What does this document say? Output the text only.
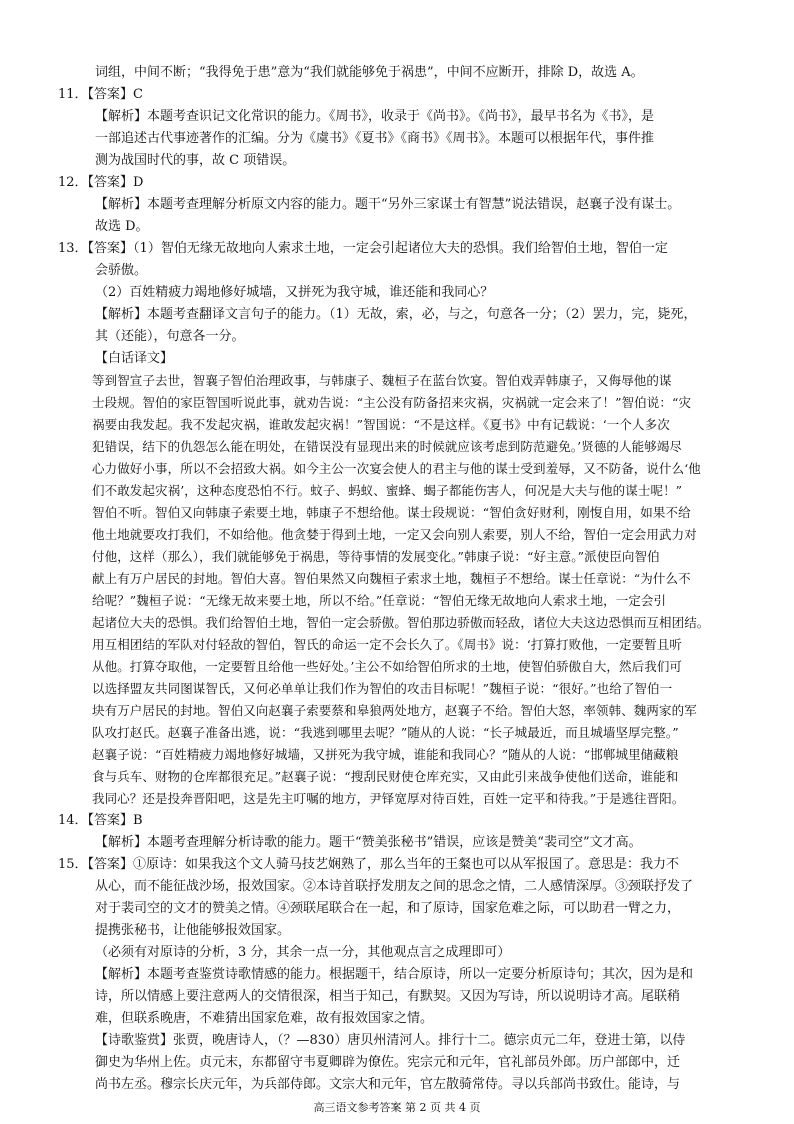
词组，中间不断；“我得免于患”意为“我们就能够免于祸患”，中间不应断开，排除 D，故选 A。
11．【答案】C
【解析】本题考查识记文化常识的能力。《周书》，收录于《尚书》。《尚书》，最早书名为《书》，是
一部追述古代事迹著作的汇编。分为《虞书》《夏书》《商书》《周书》。本题可以根据年代，事件推
测为战国时代的事，故 C 项错误。
12．【答案】D
【解析】本题考查理解分析原文内容的能力。题干“另外三家谋士有智慧”说法错误，赵襄子没有谋士。
故选 D。
13．【答案】（1）智伯无缘无故地向人索求土地，一定会引起诸位大夫的恐惧。我们给智伯土地，智伯一定
会骄傲。
（2）百姓精疲力竭地修好城墙，又拼死为我守城，谁还能和我同心？
【解析】本题考查翻译文言句子的能力。（1）无故，索，必，与之，句意各一分；（2）罢力，完，毙死，
其（还能），句意各一分。
【白话译文】
等到智宣子去世，智襄子智伯治理政事，与韩康子、魏桓子在蓝台饮宴。智伯戏弄韩康子，又侮辱他的谋
士段规。智伯的家臣智国听说此事，就劝告说：“主公没有防备招来灾祸，灾祸就一定会来了！”智伯说：“灾
祸要由我发起。我不发起灾祸，谁敢发起灾祸！”智国说：“不是这样。《夏书》中有记载说：‘一个人多次
犯错误，结下的仇怨怎么能在明处，在错误没有显现出来的时候就应该考虑到防范避免。’贤德的人能够竭尽
心力做好小事，所以不会招致大祸。如今主公一次宴会使人的君主与他的谋士受到羞辱，又不防备，说什么‘他
们不敢发起灾祸’，这种态度恐怕不行。蚊子、蚂蚁、蜜蜂、蝎子都能伤害人，何况是大夫与他的谋士呢！”
智伯不听。智伯又向韩康子索要土地，韩康子不想给他。谋士段规说：“智伯贪好财利，刚愎自用，如果不给
他土地就要攻打我们，不如给他。他贪婪于得到土地，一定又会向别人索要，别人不给，智伯一定会用武力对
付他，这样（那么），我们就能够免于祸患，等待事情的发展变化。”韩康子说：“好主意。”派使臣向智伯
献上有万户居民的封地。智伯大喜。智伯果然又向魏桓子索求土地，魏桓子不想给。谋士任章说：“为什么不
给呢？”魏桓子说：“无缘无故来要土地，所以不给。”任章说：“智伯无缘无故地向人索求土地，一定会引
起诸位大夫的恐惧。我们给智伯土地，智伯一定会骄傲。智伯那边骄傲而轻敌，诸位大夫这边恐惧而互相团结。
用互相团结的军队对付轻敌的智伯，智氏的命运一定不会长久了。《周书》说：‘打算打败他，一定要暂且听
从他。打算夺取他，一定要暂且给他一些好处。’主公不如给智伯所求的土地，使智伯骄傲自大，然后我们可
以选择盟友共同图谋智氏，又何必单单让我们作为智伯的攻击目标呢！”魏桓子说：“很好。”也给了智伯一
块有万户居民的封地。智伯又向赵襄子索要蔡和皋狼两处地方，赵襄子不给。智伯大怒，率领韩、魏两家的军
队攻打赵氏。赵襄子准备出逃，说：“我逃到哪里去呢？”随从的人说：“长子城最近，而且城墙坚厚完整。”
赵襄子说：“百姓精疲力竭地修好城墙，又拼死为我守城，谁能和我同心？”随从的人说：“邯郸城里储藏粮
食与兵车、财物的仓库都很充足。”赵襄子说：“搜刮民财使仓库充实，又由此引来战争使他们送命，谁能和
我同心？还是投奔晋阳吧，这是先主叮嘱的地方，尹铎宽厚对待百姓，百姓一定平和待我。”于是逃往晋阳。
14．【答案】B
【解析】本题考查理解分析诗歌的能力。题干“赞美张秘书”错误，应该是赞美“裴司空”文才高。
15．【答案】①原诗：如果我这个文人骑马技艺娴熟了，那么当年的王粲也可以从军报国了。意思是：我力不
从心，而不能征战沙场，报效国家。②本诗首联抒发朋友之间的思念之情，二人感情深厚。③颈联抒发了
对于裴司空的文才的赞美之情。④颈联尾联合在一起，和了原诗，国家危难之际，可以助君一臂之力，
提携张秘书，让他能够报效国家。
（必须有对原诗的分析，3 分，其余一点一分，其他观点言之成理即可）
【解析】本题考查鉴赏诗歌情感的能力。根据题干，结合原诗，所以一定要分析原诗句；其次，因为是和
诗，所以情感上要注意两人的交情很深，相当于知己，有默契。又因为写诗，所以说明诗才高。尾联稍
难，但联系晚唐，不难猜出国家危难，故有报效国家之情。
【诗歌鉴赏】张贾，晚唐诗人，（？—830）唐贝州清河人。排行十二。德宗贞元二年，登进士第，以侍
御史为华州上佐。贞元末，东都留守韦夏卿辟为僚佐。宪宗元和元年，官礼部员外郎。历户部郎中，迁
尚书左丞。穆宗长庆元年，为兵部侍郎。文宗大和元年，官左散骑常侍。寻以兵部尚书致仕。能诗，与
高三语文参考答案 第 2 页 共 4 页
